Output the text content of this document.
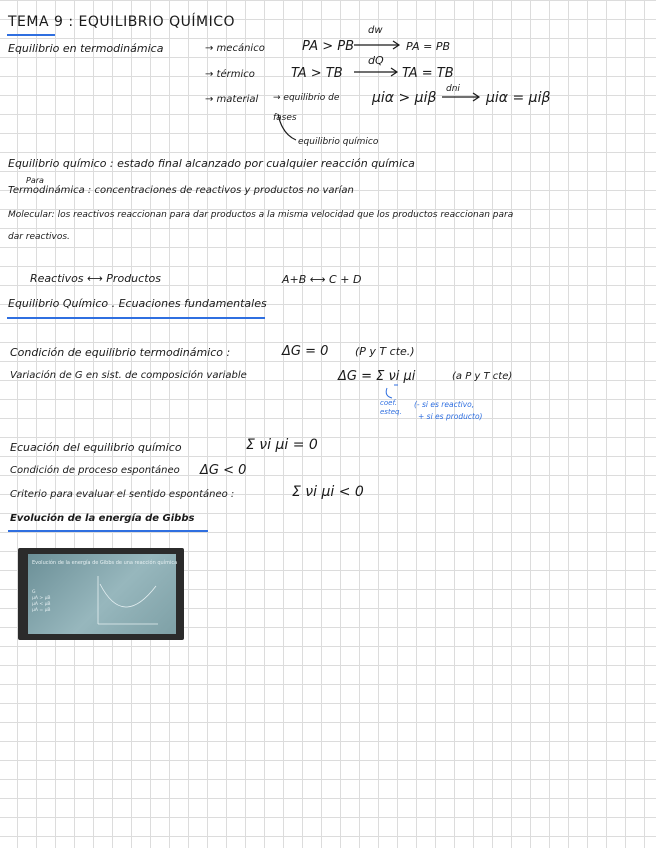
TEMA 9 : EQUILIBRIO QUÍMICO
Equilibrio en termodinámica	→ mecánico	PA > PB
dw
PA = PB
→ térmico	TA > TB
dQ
TA = TB
→ material → equilibrio de fases
μiα > μiβ
dni
μiα = μiβ
equilibrio químico
Equilibrio químico : estado final alcanzado por cualquier reacción química
Para
Termodinámica : concentraciones de reactivos y productos no varían
Molecular: los reactivos reaccionan para dar productos a la misma velocidad que los productos reaccionan para
dar reactivos.
Reactivos ⟷ Productos	A+B ⟷ C + D
Equilibrio Químico . Ecuaciones fundamentales
Condición de equilibrio termodinámico :	ΔG = 0 (P y T cte.)
Variación de G en sist. de composición variable	ΔG = Σ νi μi	(a P y T cte)
coef. esteq.
(- si es reactivo,
+ si es producto)
Ecuación del equilibrio químico	Σ νi μi = 0
Condición de proceso espontáneo ΔG < 0
Criterio para evaluar el sentido espontáneo :	Σ νi μi < 0
Evolución de la energía de Gibbs
Evolución de la energía de Gibbs de una reacción química
G
μA > μB
μA < μB
μA = μB
